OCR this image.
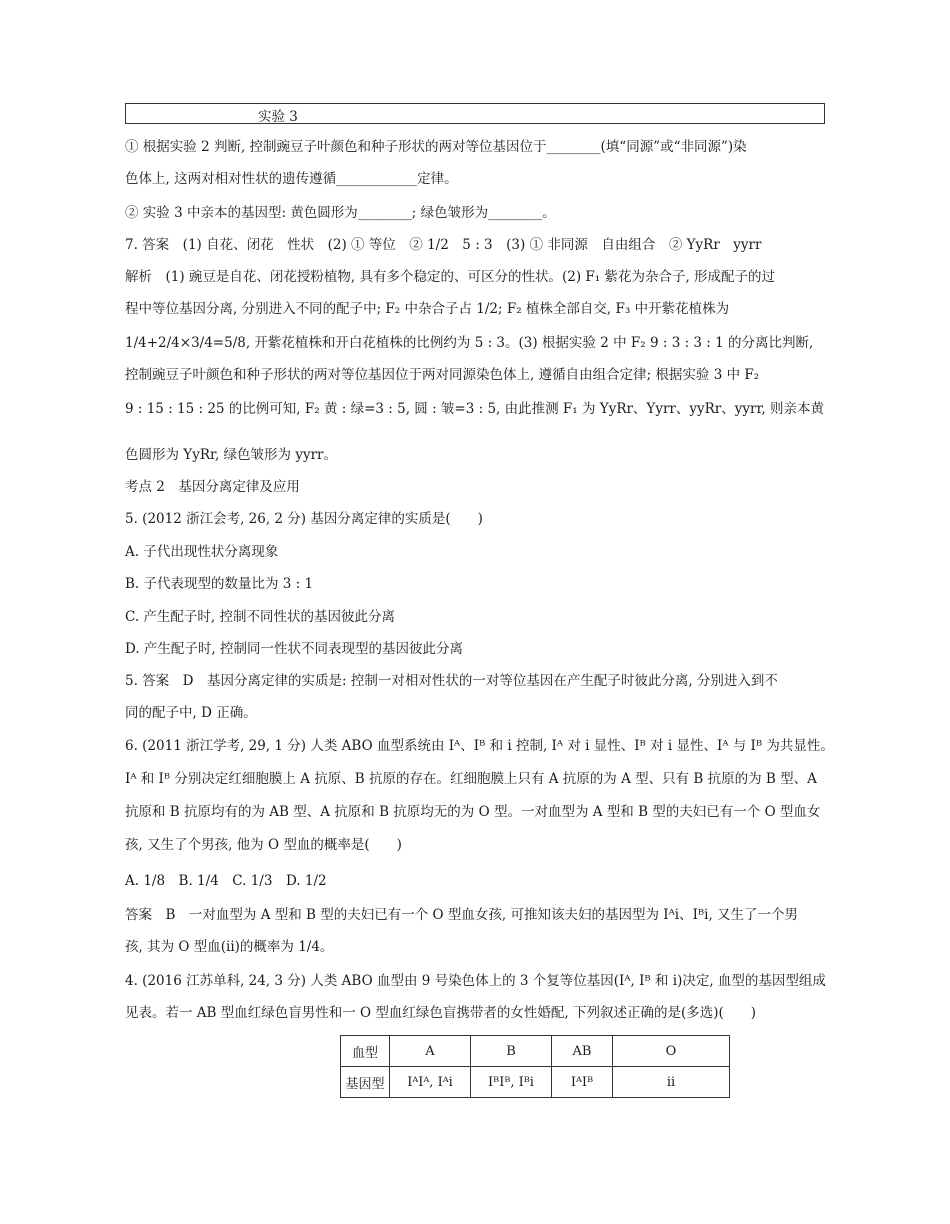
实验 3
① 根据实验 2 判断, 控制豌豆子叶颜色和种子形状的两对等位基因位于________(填“同源”或“非同源”)染
色体上, 这两对相对性状的遗传遵循____________定律。
② 实验 3 中亲本的基因型: 黄色圆形为________; 绿色皱形为________。
7. 答案　(1) 自花、闭花　性状　(2) ① 等位　② 1/2　5 : 3　(3) ① 非同源　自由组合　② YyRr　yyrr
解析　(1) 豌豆是自花、闭花授粉植物, 具有多个稳定的、可区分的性状。(2) F₁ 紫花为杂合子, 形成配子的过
程中等位基因分离, 分别进入不同的配子中; F₂ 中杂合子占 1/2; F₂ 植株全部自交, F₃ 中开紫花植株为
1/4+2/4×3/4=5/8, 开紫花植株和开白花植株的比例约为 5 : 3。(3) 根据实验 2 中 F₂ 9 : 3 : 3 : 1 的分离比判断,
控制豌豆子叶颜色和种子形状的两对等位基因位于两对同源染色体上, 遵循自由组合定律; 根据实验 3 中 F₂
9 : 15 : 15 : 25 的比例可知, F₂ 黄 : 绿=3 : 5, 圆 : 皱=3 : 5, 由此推测 F₁ 为 YyRr、Yyrr、yyRr、yyrr, 则亲本黄
色圆形为 YyRr, 绿色皱形为 yyrr。
考点 2　基因分离定律及应用
5. (2012 浙江会考, 26, 2 分) 基因分离定律的实质是(　　)
A. 子代出现性状分离现象
B. 子代表现型的数量比为 3 : 1
C. 产生配子时, 控制不同性状的基因彼此分离
D. 产生配子时, 控制同一性状不同表现型的基因彼此分离
5. 答案　D　基因分离定律的实质是: 控制一对相对性状的一对等位基因在产生配子时彼此分离, 分别进入到不
同的配子中, D 正确。
6. (2011 浙江学考, 29, 1 分) 人类 ABO 血型系统由 Iᴬ、Iᴮ 和 i 控制, Iᴬ 对 i 显性、Iᴮ 对 i 显性、Iᴬ 与 Iᴮ 为共显性。
Iᴬ 和 Iᴮ 分别决定红细胞膜上 A 抗原、B 抗原的存在。红细胞膜上只有 A 抗原的为 A 型、只有 B 抗原的为 B 型、A
抗原和 B 抗原均有的为 AB 型、A 抗原和 B 抗原均无的为 O 型。一对血型为 A 型和 B 型的夫妇已有一个 O 型血女
孩, 又生了个男孩, 他为 O 型血的概率是(　　)
A. 1/8　B. 1/4　C. 1/3　D. 1/2
答案　B　一对血型为 A 型和 B 型的夫妇已有一个 O 型血女孩, 可推知该夫妇的基因型为 Iᴬi、Iᴮi, 又生了一个男
孩, 其为 O 型血(ii)的概率为 1/4。
4. (2016 江苏单科, 24, 3 分) 人类 ABO 血型由 9 号染色体上的 3 个复等位基因(Iᴬ, Iᴮ 和 i)决定, 血型的基因型组成
见表。若一 AB 型血红绿色盲男性和一 O 型血红绿色盲携带者的女性婚配, 下列叙述正确的是(多选)(　　)
血型	A	B	AB	O
基因型	IᴬIᴬ, Iᴬi	IᴮIᴮ, Iᴮi	IᴬIᴮ	ii
